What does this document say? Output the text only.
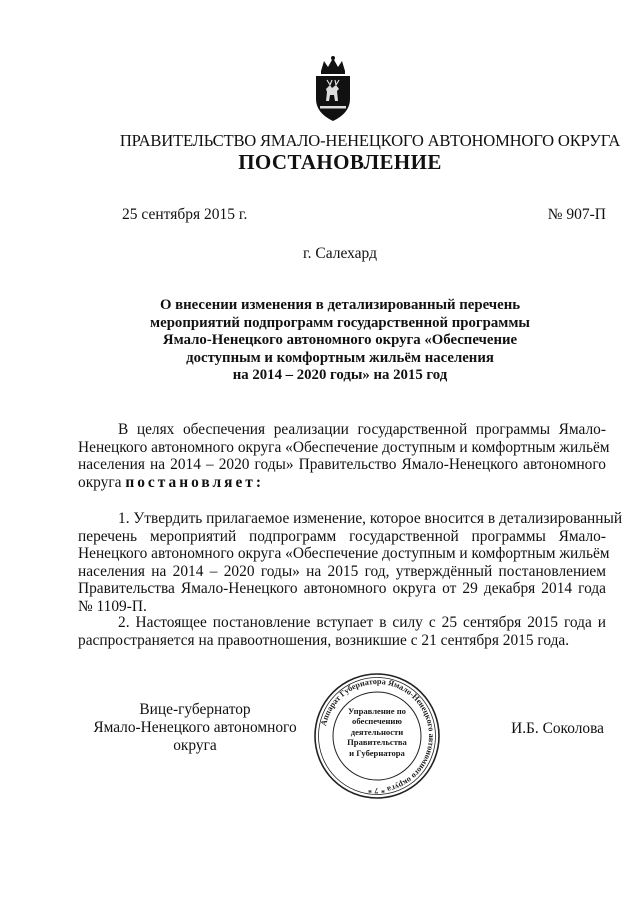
ПРАВИТЕЛЬСТВО ЯМАЛО-НЕНЕЦКОГО АВТОНОМНОГО ОКРУГА
ПОСТАНОВЛЕНИЕ
25 сентября 2015 г.	№ 907-П
г. Салехард
О внесении изменения в детализированный перечень
мероприятий подпрограмм государственной программы
Ямало-Ненецкого автономного округа «Обеспечение
доступным и комфортным жильём населения
на 2014 – 2020 годы» на 2015 год
В целях обеспечения реализации государственной программы Ямало-
Ненецкого автономного округа «Обеспечение доступным и комфортным жильём
населения на 2014 – 2020 годы» Правительство Ямало-Ненецкого автономного
округа постановляет:
1. Утвердить прилагаемое изменение, которое вносится в детализированный
перечень мероприятий подпрограмм государственной программы Ямало-
Ненецкого автономного округа «Обеспечение доступным и комфортным жильём
населения на 2014 – 2020 годы» на 2015 год, утверждённый постановлением
Правительства Ямало-Ненецкого автономного округа от 29 декабря 2014 года
№ 1109-П.
2. Настоящее постановление вступает в силу с 25 сентября 2015 года и
распространяется на правоотношения, возникшие с 21 сентября 2015 года.
Вице-губернатор
Ямало-Ненецкого автономного округа
И.Б. Соколова
Аппарат Губернатора Ямало-Ненецкого автономного округа * 7 *
Управление по
обеспечению
деятельности
Правительства
и Губернатора
